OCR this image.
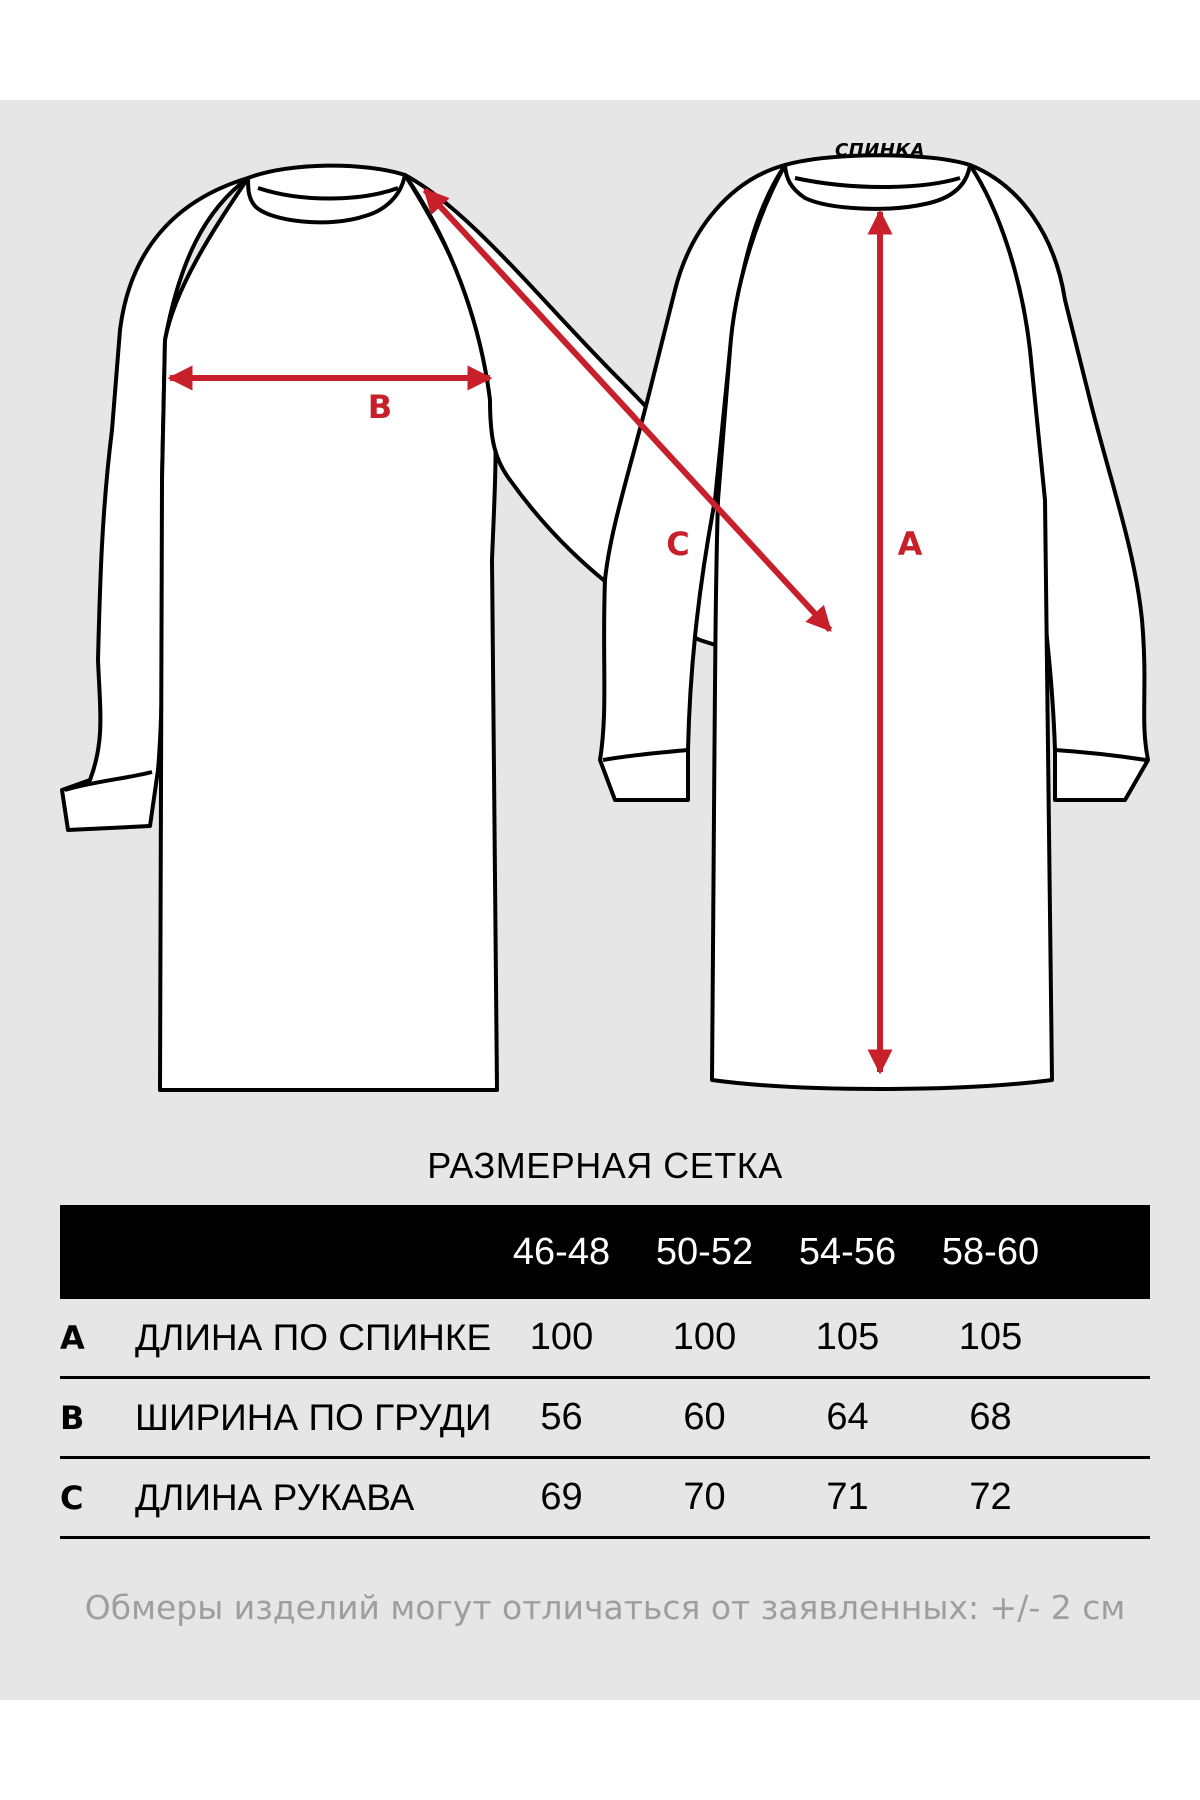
A
B
C
СПИНКА
РАЗМЕРНАЯ СЕТКА
46-48	50-52	54-56	58-60
A	ДЛИНА ПО СПИНКЕ	100	100	105	105
B	ШИРИНА ПО ГРУДИ	56	60	64	68
C	ДЛИНА РУКАВА	69	70	71	72
Обмеры изделий могут отличаться от заявленных: +/- 2 см
